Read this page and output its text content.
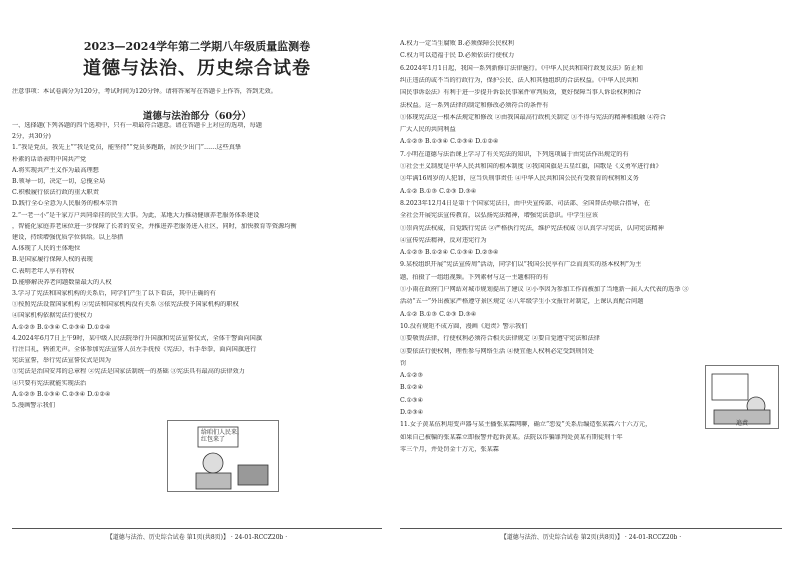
2023—2024学年第二学期八年级质量监测卷
道德与法治、历史综合试卷
注意事项：本试卷满分为120分，考试时间为120分钟。请将答案写在答题卡上作答，答到无效。
道德与法治部分（60分）
一、选择题(下列各题的四个选项中，只有一项最符合题意。请在答题卡上对应的选项，每题
2分，共30分)
1.“我是党员，我先上”“我是党员，能坚持”“党员多跑路，居民少出门”……这些真挚
朴素的话语表明中国共产党
A.将实现共产主义作为最高理想
B.领导一切，决定一切，总揽全局
C.积极履行依法行政的重大职责
D.践行全心全意为人民服务的根本宗旨
2.“一老一小”是千家万户共同牵挂的民生大事。为此，某地大力推动健康养老服务体系建设
，智能化家庭养老床位进一步保障了长者的安全，并推进养老服务进入社区，同时，加快教育等资源均衡
建设，持续增强优质学位供给。以上举措
A.体现了人民的主体地位
B.是国家履行保障人权的表现
C.表明老年人享有特权
D.能够解决养老问题数量最大的人权
3.学习了宪法和国家机构的关系后，同学们产生了以下看法，其中正确的有
①按照宪法设置国家机构 ②宪法和国家机构没有关系 ③依宪法授予国家机构的职权
④国家机构依据宪法行使权力
A.①②③ B.①③④ C.②③④ D.①②④
4.2024年6月7日上午9时，某中级人民法院举行升国旗和宪法宣誓仪式，全体干警面向国旗
行注目礼，鸦雀无声。全体参加宪法宣誓人员左手抚按《宪法》，右手举拳，面向国旗进行
宪法宣誓，举行宪法宣誓仪式是因为
①宪法是治国安邦的总章程 ②宪法是国家法制统一的基础 ③宪法具有最高的法律效力
④只要有宪法就能实现法治
A.①②③ B.①③④ C.②③④ D.①②④
5.漫画警示我们
给咱们人民来，
红包来了
【道德与法治、历史综合试卷 第1页(共8页)】 · 24-01-RCCZ20b ·
A.权力一定当生腐败 B.必须保障公民权利
C.权力可以造福于民 D.必须依法行使权力
6.2024年1月1日起，我国一系列新修订法律施行。《中华人民共和国行政复议法》防止和
纠正违法的或不当的行政行为，保护公民、法人和其他组织的合法权益。《中华人民共和
国民事诉讼法》有利于进一步提升诉讼民事案件审判质效，更好保障当事人诉讼权利和合
法权益。这一系列法律的制定和修改必须符合的条件有
①体现宪法这一根本法规定和修改 ②由我国最高行政机关制定 ③不得与宪法的精神相抵触 ④符合
广大人民的共同利益
A.①②③ B.①③④ C.②③④ D.①②④
7.小明在道德与法治课上学习了有关宪法的知识，下列选项属于由宪法作出规定的有
①社会主义制度是中华人民共和国的根本制度 ②我国国旗是五星红旗，国歌是《义勇军进行曲》
③年满16周岁的人犯罪，应当负刑事责任 ④中华人民共和国公民有受教育的权利和义务
A.①② B.①③ C.②③ D.③④
8.2023年12月4日是第十个国家宪法日，由中央宣传部、司法部、全国普法办联合指导，在
全社会开展宪法宣传教育，以弘扬宪法精神，增强宪法意识。中学生应该
①崇尚宪法权威，自觉践行宪法 ②严格执行宪法，维护宪法权威 ③认真学习宪法，认同宪法精神
④宣传宪法精神，反对违宪行为
A.①②③ B.①②④ C.①③④ D.②③④
9.某校组织开展“宪法宣传周”活动，同学们以“我国公民享有广泛而真实的基本权利”为主
题，拍摄了一组组视频。下列素材与这一主题相符的有
①小雨在政府门户网站对城市规划提出了建议 ②小李因为参加工作而被加了当地新一届人大代表的选举 ③
活动“五一”外出被家严格遵守景区规定 ④八年级学生小文报针对制定，上课认真配合问题
A.①② B.①③ C.②③ D.③④
10.没有规矩不成方圆，漫画《追责》警示我们
①要敬畏法律，行使权利必须符合相关法律规定 ②要自觉遵守宪法和法律
③要依法行使权利，理性参与网络生活 ④便宜他人权利必定受到刑罚处
罚
A.①②③
B.①②④
C.①③④
D.②③④
11.女子黄某伍利用变声器与某主播张某霖网聊，确立“恋爱”关系后编造张某霖六十六万元，
如果自己被骗的张某霖立即报警并起诉黄某。法院以诈骗罪判处黄某有期徒刑十年
零三个月，并处罚金十万元，张某霖
追责
【道德与法治、历史综合试卷 第2页(共8页)】 · 24-01-RCCZ20b ·
